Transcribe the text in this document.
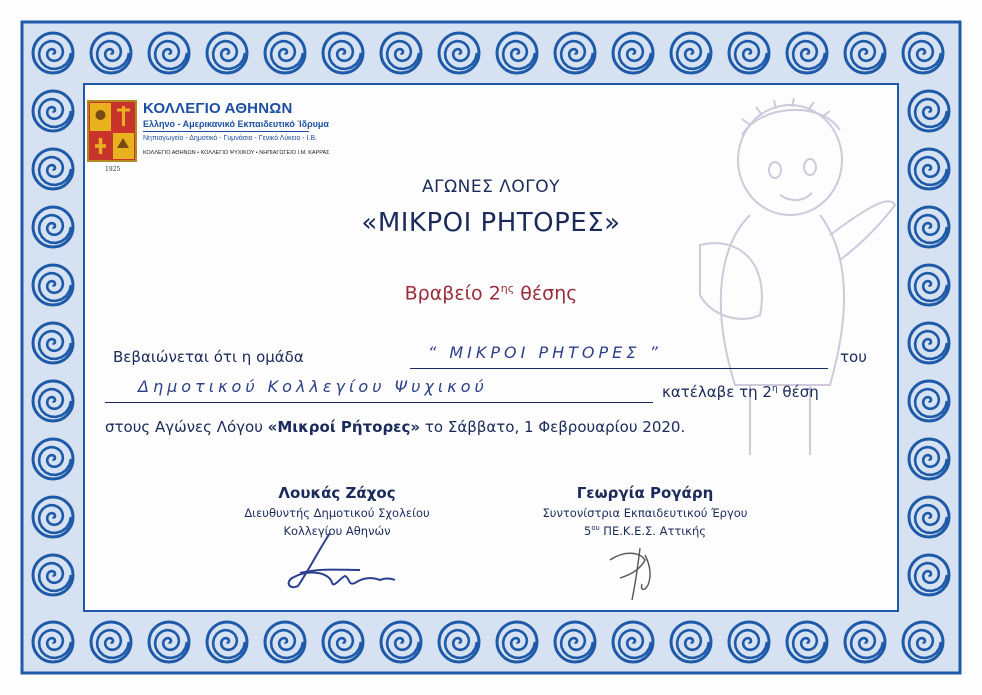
1925
ΚΟΛΛΕΓΙΟ ΑΘΗΝΩΝ
Ελληνο - Αμερικανικό Εκπαιδευτικό Ίδρυμα
Νηπιαγωγείο - Δημοτικό - Γυμνάσιο - Γενικό Λύκειο - Ι.Β.
ΚΟΛΛΕΓΙΟ ΑΘΗΝΩΝ • ΚΟΛΛΕΓΙΟ ΨΥΧΙΚΟΥ • ΝΗΠΙΑΓΩΓΕΙΟ Ι.Μ. ΚΑΡΡΑΣ
ΑΓΩΝΕΣ ΛΟΓΟΥ
«ΜΙΚΡΟΙ ΡΗΤΟΡΕΣ»
Βραβείο $2^{\eta\varsigma}$ θέσης
Βεβαιώνεται ότι η ομάδα	“ ΜΙΚΡΟΙ ΡΗΤΟΡΕΣ ”	του
Δημοτικού Κολλεγίου Ψυχικού	κατέλαβε τη $2^\eta$ θέση
στους Αγώνες Λόγου «Μικροί Ρήτορες» το Σάββατο, 1 Φεβρουαρίου 2020.
Λουκάς Ζάχος
Διευθυντής Δημοτικού Σχολείου
Κολλεγίου Αθηνών
Γεωργία Ρογάρη
Συντονίστρια Εκπαιδευτικού Έργου
$5^{o\upsilon}$ ΠΕ.Κ.Ε.Σ. Αττικής
